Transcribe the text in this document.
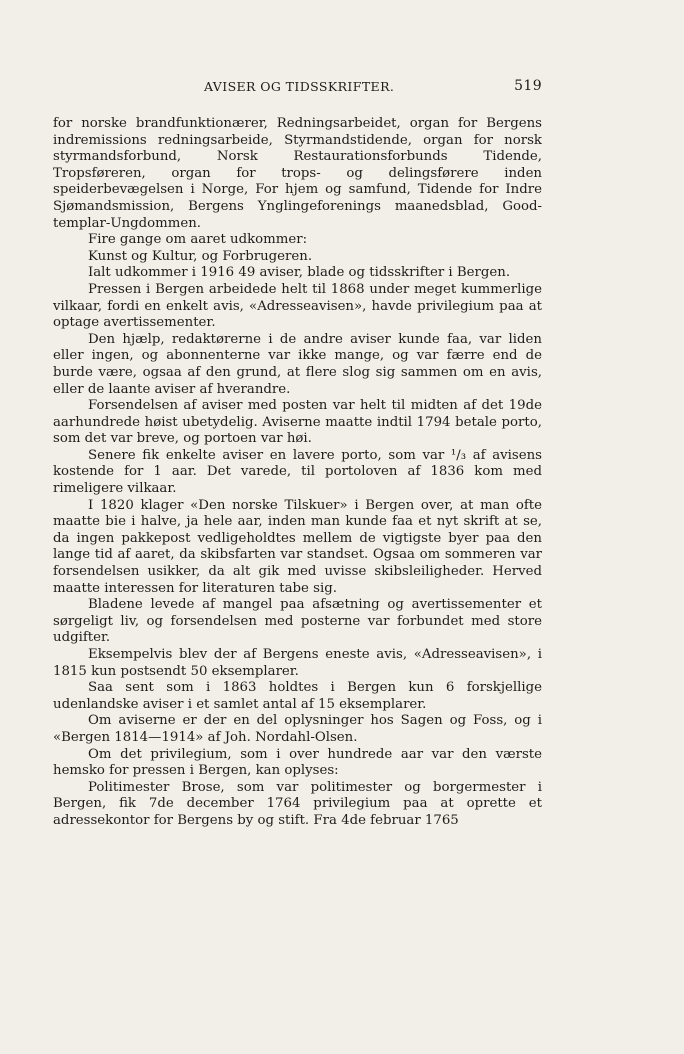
AVISER OG TIDSSKRIFTER.	519

for norske brandfunktionærer, Redningsarbeidet, organ for Bergens indremissions redningsarbeide, Styrmandstidende, organ for norsk styrmandsforbund, Norsk Restaurationsforbunds Tidende, Tropsføreren, organ for trops- og delingsførere inden speiderbevægelsen i Norge, For hjem og samfund, Tidende for Indre Sjømandsmission, Bergens Ynglingeforenings maanedsblad, Good-templar-Ungdommen.

Fire gange om aaret udkommer:

Kunst og Kultur, og Forbrugeren.

Ialt udkommer i 1916 49 aviser, blade og tidsskrifter i Bergen.

Pressen i Bergen arbeidede helt til 1868 under meget kummerlige vilkaar, fordi en enkelt avis, «Adresseavisen», havde privilegium paa at optage avertissementer.

Den hjælp, redaktørerne i de andre aviser kunde faa, var liden eller ingen, og abonnenterne var ikke mange, og var færre end de burde være, ogsaa af den grund, at flere slog sig sammen om en avis, eller de laante aviser af hverandre.

Forsendelsen af aviser med posten var helt til midten af det 19de aarhundrede høist ubetydelig. Aviserne maatte indtil 1794 betale porto, som det var breve, og portoen var høi.

Senere fik enkelte aviser en lavere porto, som var ¹/₃ af avisens kostende for 1 aar. Det varede, til portoloven af 1836 kom med rimeligere vilkaar.

I 1820 klager «Den norske Tilskuer» i Bergen over, at man ofte maatte bie i halve, ja hele aar, inden man kunde faa et nyt skrift at se, da ingen pakkepost vedligeholdtes mellem de vigtigste byer paa den lange tid af aaret, da skibsfarten var standset. Ogsaa om sommeren var forsendelsen usikker, da alt gik med uvisse skibsleiligheder. Herved maatte interessen for literaturen tabe sig.

Bladene levede af mangel paa afsætning og avertissementer et sørgeligt liv, og forsendelsen med posterne var forbundet med store udgifter.

Eksempelvis blev der af Bergens eneste avis, «Adresseavisen», i 1815 kun postsendt 50 eksemplarer.

Saa sent som i 1863 holdtes i Bergen kun 6 forskjellige udenlandske aviser i et samlet antal af 15 eksemplarer.

Om aviserne er der en del oplysninger hos Sagen og Foss, og i «Bergen 1814—1914» af Joh. Nordahl-Olsen.

Om det privilegium, som i over hundrede aar var den værste hemsko for pressen i Bergen, kan oplyses:

Politimester Brose, som var politimester og borgermester i Bergen, fik 7de december 1764 privilegium paa at oprette et adressekontor for Bergens by og stift. Fra 4de februar 1765
